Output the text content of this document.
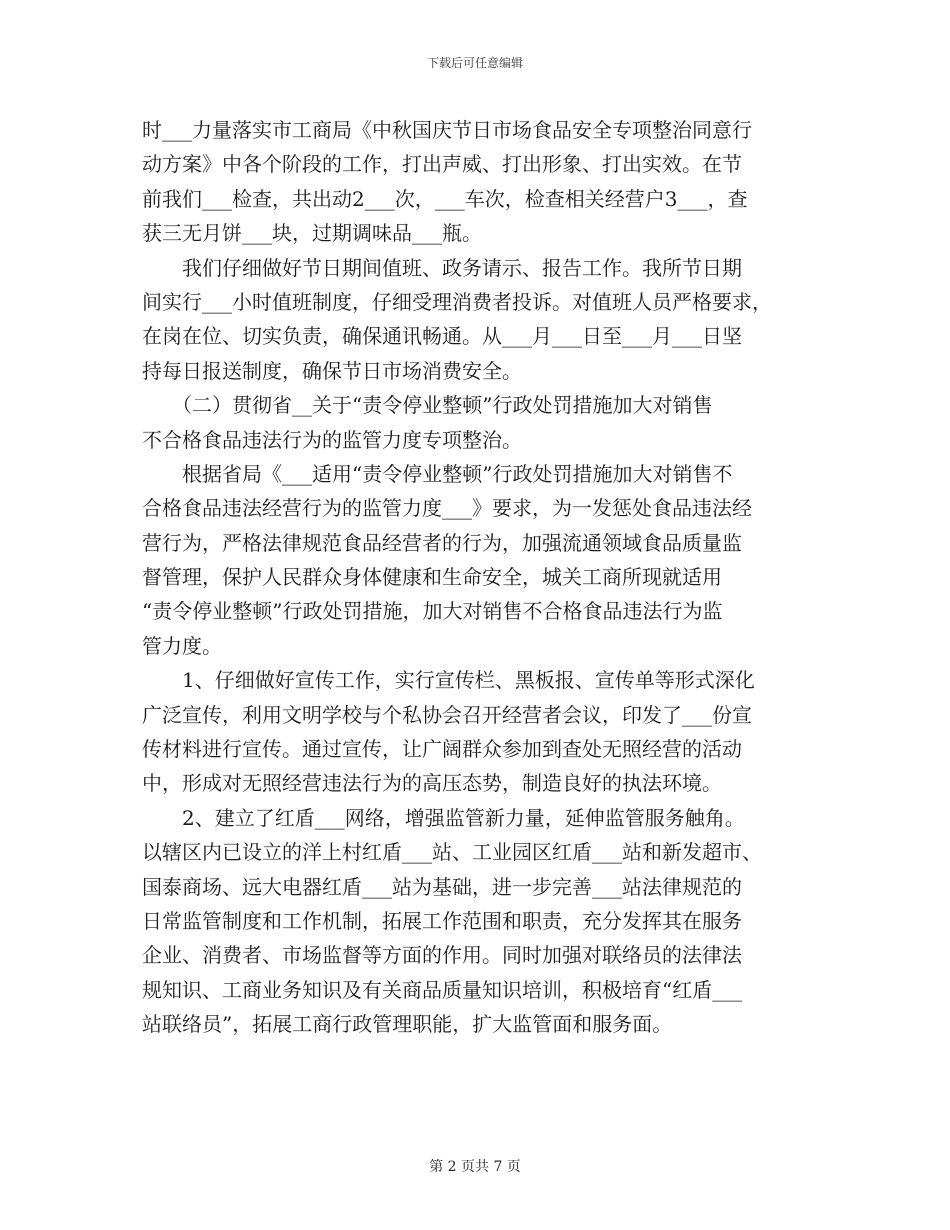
下载后可任意编辑
时___力量落实市工商局《中秋国庆节日市场食品安全专项整治同意行
动方案》中各个阶段的工作，打出声威、打出形象、打出实效。在节
前我们___检查，共出动2___次，___车次，检查相关经营户3___，查
获三无月饼___块，过期调味品___瓶。
　　我们仔细做好节日期间值班、政务请示、报告工作。我所节日期
间实行___小时值班制度，仔细受理消费者投诉。对值班人员严格要求，
在岗在位、切实负责，确保通讯畅通。从___月___日至___月___日坚
持每日报送制度，确保节日市场消费安全。
　　（二）贯彻省__关于“责令停业整顿”行政处罚措施加大对销售
不合格食品违法行为的监管力度专项整治。
　　根据省局《___适用“责令停业整顿”行政处罚措施加大对销售不
合格食品违法经营行为的监管力度___》要求，为一发惩处食品违法经
营行为，严格法律规范食品经营者的行为，加强流通领域食品质量监
督管理，保护人民群众身体健康和生命安全，城关工商所现就适用
“责令停业整顿”行政处罚措施，加大对销售不合格食品违法行为监
管力度。
　　1、仔细做好宣传工作，实行宣传栏、黑板报、宣传单等形式深化
广泛宣传，利用文明学校与个私协会召开经营者会议，印发了___份宣
传材料进行宣传。通过宣传，让广阔群众参加到查处无照经营的活动
中，形成对无照经营违法行为的高压态势，制造良好的执法环境。
　　2、建立了红盾___网络，增强监管新力量，延伸监管服务触角。
以辖区内已设立的洋上村红盾___站、工业园区红盾___站和新发超市、
国泰商场、远大电器红盾___站为基础，进一步完善___站法律规范的
日常监管制度和工作机制，拓展工作范围和职责，充分发挥其在服务
企业、消费者、市场监督等方面的作用。同时加强对联络员的法律法
规知识、工商业务知识及有关商品质量知识培训，积极培育“红盾___
站联络员”，拓展工商行政管理职能，扩大监管面和服务面。
第 2 页共 7 页
